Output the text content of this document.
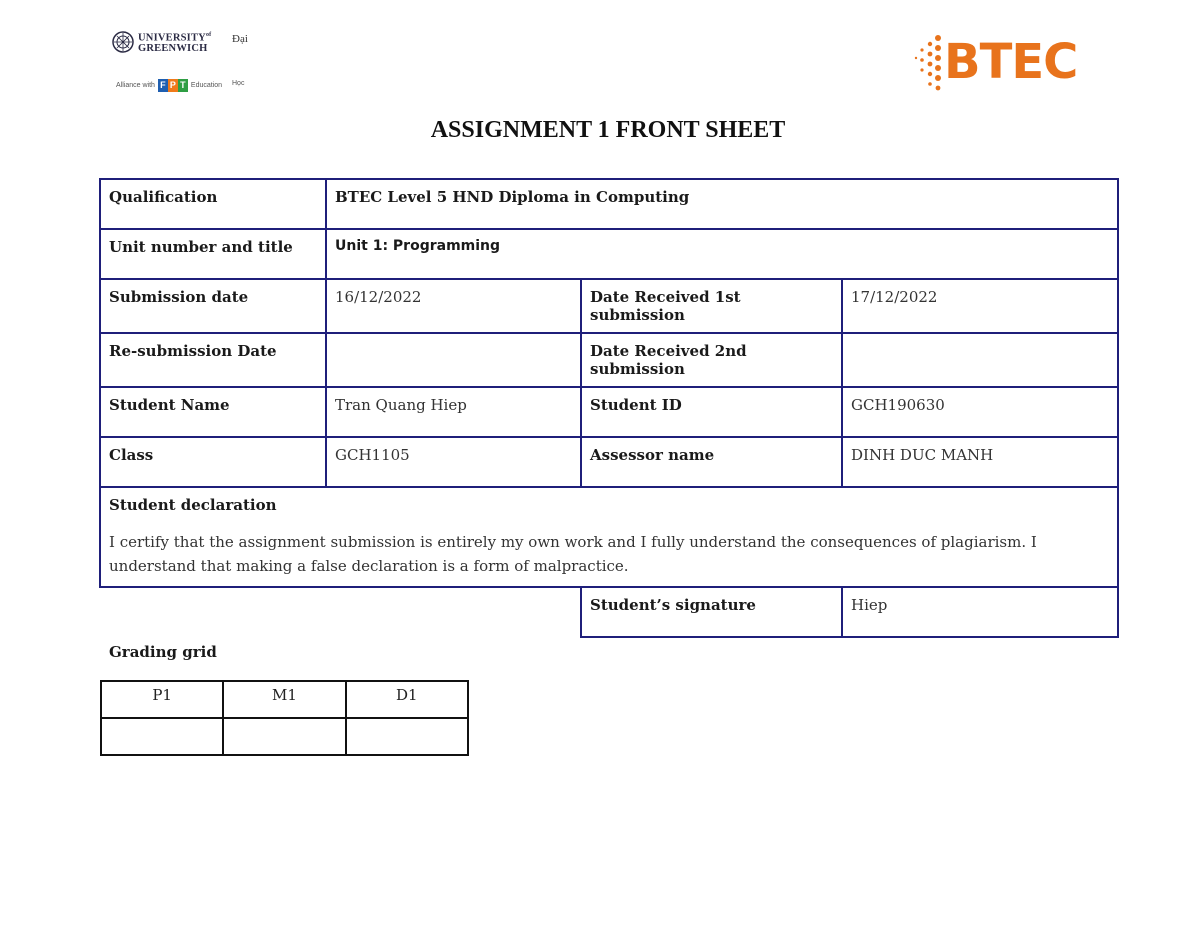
$UNIVERSITY^{of}$
GREENWICH
Đại
Alliance with F P T Education Học	BTEC
ASSIGNMENT 1 FRONT SHEET
Qualification	BTEC Level 5 HND Diploma in Computing		
Unit number and title	Unit 1: Programming		
Submission date	16/12/2022	Date Received 1st submission	17/12/2022
Re-submission Date		Date Received 2nd submission	
Student Name	Tran Quang Hiep	Student ID	GCH190630
Class	GCH1105	Assessor name	DINH DUC MANH

Student declaration
I certify that the assignment submission is entirely my own work and I fully understand the consequences of plagiarism. I understand that making a false declaration is a form of malpractice.			

		Student’s signature	Hiep
Grading grid
P1	M1	D1
